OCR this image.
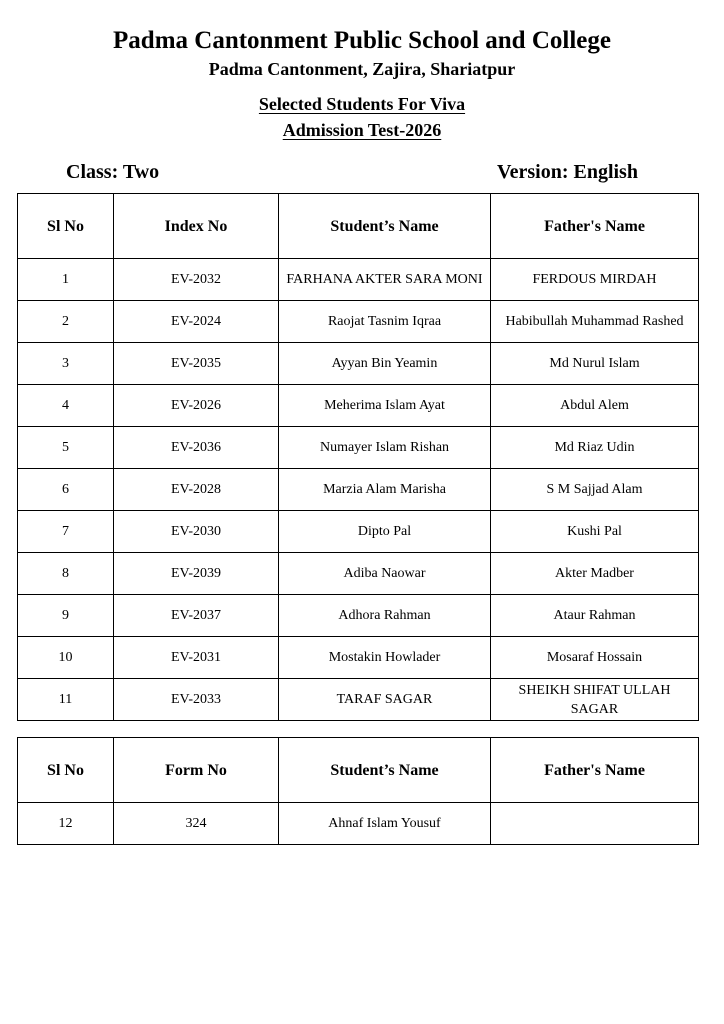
Padma Cantonment Public School and College
Padma Cantonment, Zajira, Shariatpur
Selected Students For Viva
Admission Test-2026
Class: Two	Version: English
Sl No	Index No	Student’s Name	Father's Name
1	EV-2032	FARHANA AKTER SARA MONI	FERDOUS MIRDAH
2	EV-2024	Raojat Tasnim Iqraa	Habibullah Muhammad Rashed
3	EV-2035	Ayyan Bin Yeamin	Md Nurul Islam
4	EV-2026	Meherima Islam Ayat	Abdul Alem
5	EV-2036	Numayer Islam Rishan	Md Riaz Udin
6	EV-2028	Marzia Alam Marisha	S M Sajjad Alam
7	EV-2030	Dipto Pal	Kushi Pal
8	EV-2039	Adiba Naowar	Akter Madber
9	EV-2037	Adhora Rahman	Ataur Rahman
10	EV-2031	Mostakin Howlader	Mosaraf Hossain
11	EV-2033	TARAF SAGAR	SHEIKH SHIFAT ULLAH SAGAR
Sl No	Form No	Student’s Name	Father's Name
12	324	Ahnaf Islam Yousuf	
